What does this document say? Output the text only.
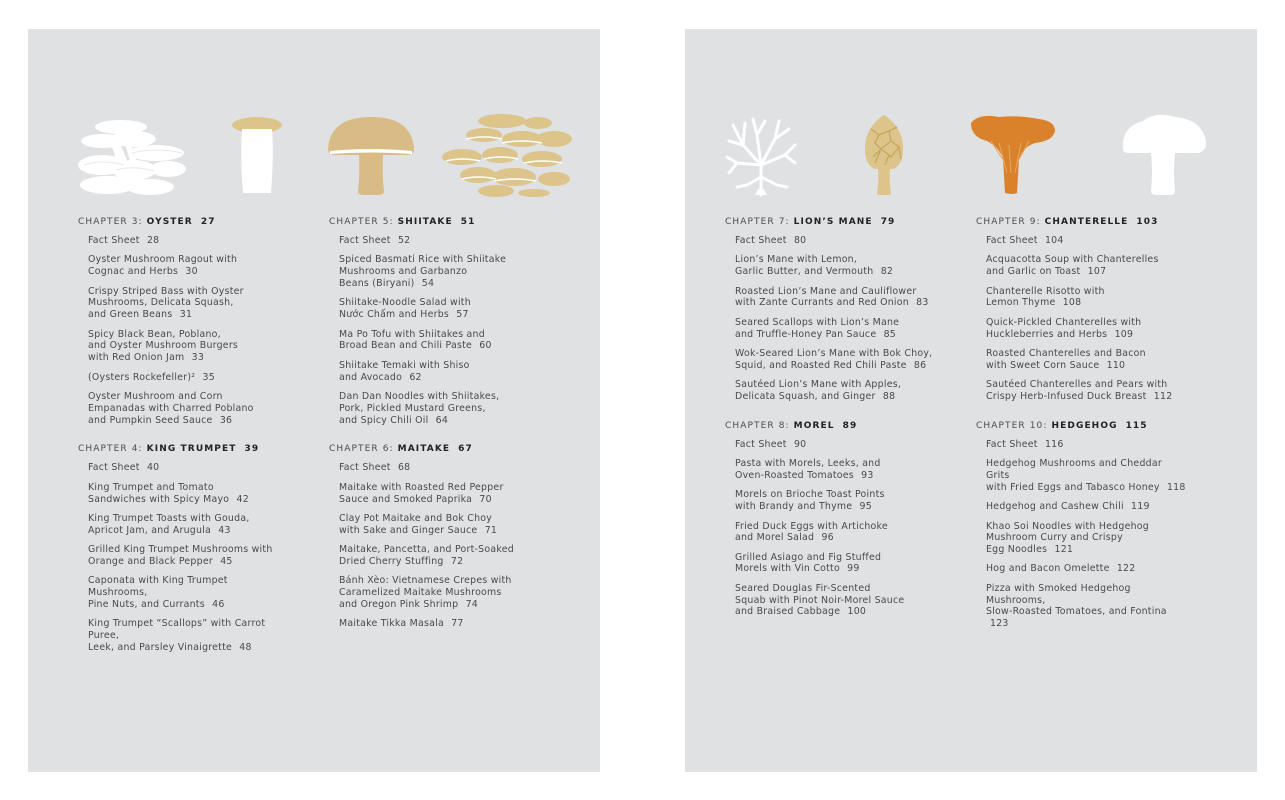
CHAPTER 3: OYSTER 27
Fact Sheet 28
Oyster Mushroom Ragout with
Cognac and Herbs 30
Crispy Striped Bass with Oyster
Mushrooms, Delicata Squash,
and Green Beans 31
Spicy Black Bean, Poblano,
and Oyster Mushroom Burgers
with Red Onion Jam 33
(Oysters Rockefeller)² 35
Oyster Mushroom and Corn
Empanadas with Charred Poblano
and Pumpkin Seed Sauce 36
CHAPTER 4: KING TRUMPET 39
Fact Sheet 40
King Trumpet and Tomato
Sandwiches with Spicy Mayo 42
King Trumpet Toasts with Gouda,
Apricot Jam, and Arugula 43
Grilled King Trumpet Mushrooms with
Orange and Black Pepper 45
Caponata with King Trumpet Mushrooms,
Pine Nuts, and Currants 46
King Trumpet “Scallops” with Carrot Puree,
Leek, and Parsley Vinaigrette 48
CHAPTER 5: SHIITAKE 51
Fact Sheet 52
Spiced Basmati Rice with Shiitake
Mushrooms and Garbanzo
Beans (Biryani) 54
Shiitake-Noodle Salad with
Nước Chấm and Herbs 57
Ma Po Tofu with Shiitakes and
Broad Bean and Chili Paste 60
Shiitake Temaki with Shiso
and Avocado 62
Dan Dan Noodles with Shiitakes,
Pork, Pickled Mustard Greens,
and Spicy Chili Oil 64
CHAPTER 6: MAITAKE 67
Fact Sheet 68
Maitake with Roasted Red Pepper
Sauce and Smoked Paprika 70
Clay Pot Maitake and Bok Choy
with Sake and Ginger Sauce 71
Maitake, Pancetta, and Port-Soaked
Dried Cherry Stuffing 72
Bánh Xèo: Vietnamese Crepes with
Caramelized Maitake Mushrooms
and Oregon Pink Shrimp 74
Maitake Tikka Masala 77
CHAPTER 7: LION’S MANE 79
Fact Sheet 80
Lion’s Mane with Lemon,
Garlic Butter, and Vermouth 82
Roasted Lion’s Mane and Cauliflower
with Zante Currants and Red Onion 83
Seared Scallops with Lion’s Mane
and Truffle-Honey Pan Sauce 85
Wok-Seared Lion’s Mane with Bok Choy,
Squid, and Roasted Red Chili Paste 86
Sautéed Lion’s Mane with Apples,
Delicata Squash, and Ginger 88
CHAPTER 8: MOREL 89
Fact Sheet 90
Pasta with Morels, Leeks, and
Oven-Roasted Tomatoes 93
Morels on Brioche Toast Points
with Brandy and Thyme 95
Fried Duck Eggs with Artichoke
and Morel Salad 96
Grilled Asiago and Fig Stuffed
Morels with Vin Cotto 99
Seared Douglas Fir-Scented
Squab with Pinot Noir-Morel Sauce
and Braised Cabbage 100
CHAPTER 9: CHANTERELLE 103
Fact Sheet 104
Acquacotta Soup with Chanterelles
and Garlic on Toast 107
Chanterelle Risotto with
Lemon Thyme 108
Quick-Pickled Chanterelles with
Huckleberries and Herbs 109
Roasted Chanterelles and Bacon
with Sweet Corn Sauce 110
Sautéed Chanterelles and Pears with
Crispy Herb-Infused Duck Breast 112
CHAPTER 10: HEDGEHOG 115
Fact Sheet 116
Hedgehog Mushrooms and Cheddar Grits
with Fried Eggs and Tabasco Honey 118
Hedgehog and Cashew Chili 119
Khao Soi Noodles with Hedgehog
Mushroom Curry and Crispy
Egg Noodles 121
Hog and Bacon Omelette 122
Pizza with Smoked Hedgehog Mushrooms,
Slow-Roasted Tomatoes, and Fontina 123
